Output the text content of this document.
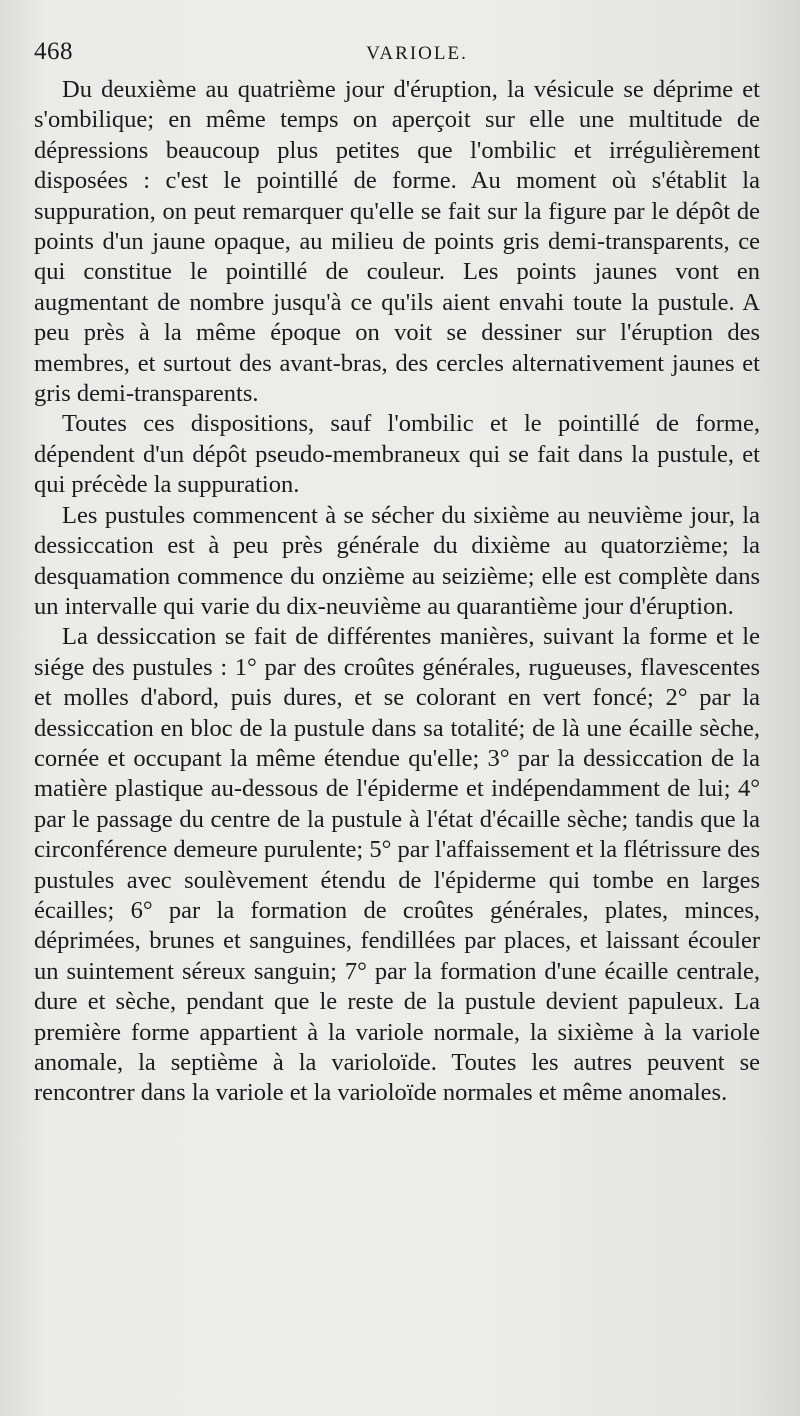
468	VARIOLE.

Du deuxième au quatrième jour d'éruption, la vésicule se déprime et s'ombilique; en même temps on aperçoit sur elle une multitude de dépressions beaucoup plus petites que l'ombilic et irrégulièrement disposées : c'est le pointillé de forme. Au moment où s'établit la suppuration, on peut remarquer qu'elle se fait sur la figure par le dépôt de points d'un jaune opaque, au milieu de points gris demi-transparents, ce qui constitue le pointillé de couleur. Les points jaunes vont en augmentant de nombre jusqu'à ce qu'ils aient envahi toute la pustule. A peu près à la même époque on voit se dessiner sur l'éruption des membres, et surtout des avant-bras, des cercles alternativement jaunes et gris demi-transparents.

Toutes ces dispositions, sauf l'ombilic et le pointillé de forme, dépendent d'un dépôt pseudo-membraneux qui se fait dans la pustule, et qui précède la suppuration.

Les pustules commencent à se sécher du sixième au neuvième jour, la dessiccation est à peu près générale du dixième au quatorzième; la desquamation commence du onzième au seizième; elle est complète dans un intervalle qui varie du dix-neuvième au quarantième jour d'éruption.

La dessiccation se fait de différentes manières, suivant la forme et le siége des pustules : 1° par des croûtes générales, rugueuses, flavescentes et molles d'abord, puis dures, et se colorant en vert foncé; 2° par la dessiccation en bloc de la pustule dans sa totalité; de là une écaille sèche, cornée et occupant la même étendue qu'elle; 3° par la dessiccation de la matière plastique au-dessous de l'épiderme et indépendamment de lui; 4° par le passage du centre de la pustule à l'état d'écaille sèche; tandis que la circonférence demeure purulente; 5° par l'affaissement et la flétrissure des pustules avec soulèvement étendu de l'épiderme qui tombe en larges écailles; 6° par la formation de croûtes générales, plates, minces, déprimées, brunes et sanguines, fendillées par places, et laissant écouler un suintement séreux sanguin; 7° par la formation d'une écaille centrale, dure et sèche, pendant que le reste de la pustule devient papuleux. La première forme appartient à la variole normale, la sixième à la variole anomale, la septième à la varioloïde. Toutes les autres peuvent se rencontrer dans la variole et la varioloïde normales et même anomales.
